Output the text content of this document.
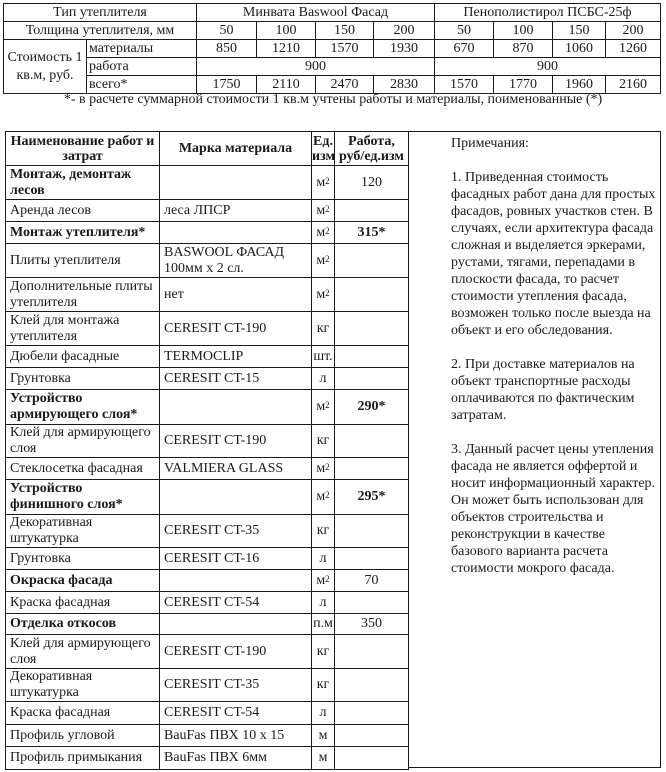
Тип утеплителя		Минвата Baswool Фасад				Пенополистирол ПСБС-25ф			
Толщина утеплителя, мм		50	100	150	200	50	100	150	200
Стоимость 1 кв.м, руб.	материалы	850	1210	1570	1930	670	870	1060	1260
	работа	900				900			
	всего*	1750	2110	2470	2830	1570	1770	1960	2160
*- в расчете суммарной стоимости 1 кв.м учтены работы и материалы, поименованные (*)
Наименование работ и затрат	Марка материала	Ед. изм	Работа, руб/ед.изм
Монтаж, демонтаж лесов		$м^2$	120
Аренда лесов	леса ЛПСР	$м^2$	
Монтаж утеплителя*		$м^2$	315*
Плиты утеплителя	BASWOOL ФАСАД 100мм х 2 сл.	$м^2$	
Дополнительные плиты утеплителя	нет	$м^2$	
Клей для монтажа утеплителя	CERESIT CT-190	кг	
Дюбели фасадные	TERMOCLIP	шт.	
Грунтовка	CERESIT CT-15	л	
Устройство армирующего слоя*		$м^2$	290*
Клей для армирующего слоя	CERESIT CT-190	кг	
Стеклосетка фасадная	VALMIERA GLASS	$м^2$	
Устройство финишного слоя*		$м^2$	295*
Декоративная штукатурка	CERESIT CT-35	кг	
Грунтовка	CERESIT CT-16	л	
Окраска фасада		$м^2$	70
Краска фасадная	CERESIT CT-54	л	
Отделка откосов		п.м	350
Клей для армирующего слоя	CERESIT CT-190	кг	
Декоративная штукатурка	CERESIT CT-35	кг	
Краска фасадная	CERESIT CT-54	л	
Профиль угловой	BauFas ПВХ 10 х 15	м	
Профиль примыкания	BauFas ПВХ 6мм	м	

Примечания:

1. Приведенная стоимость фасадных работ дана для простых фасадов, ровных участков стен. В случаях, если архитектура фасада сложная и выделяется эркерами, рустами, тягами, перепадами в плоскости фасада, то расчет стоимости утепления фасада, возможен только после выезда на объект и его обследования.

2. При доставке материалов на объект транспортные расходы оплачиваются по фактическим затратам.

3. Данный расчет цены утепления фасада не является оффертой и носит информационный характер. Он может быть использован для объектов строительства и реконструкции в качестве базового варианта расчета стоимости мокрого фасада.
